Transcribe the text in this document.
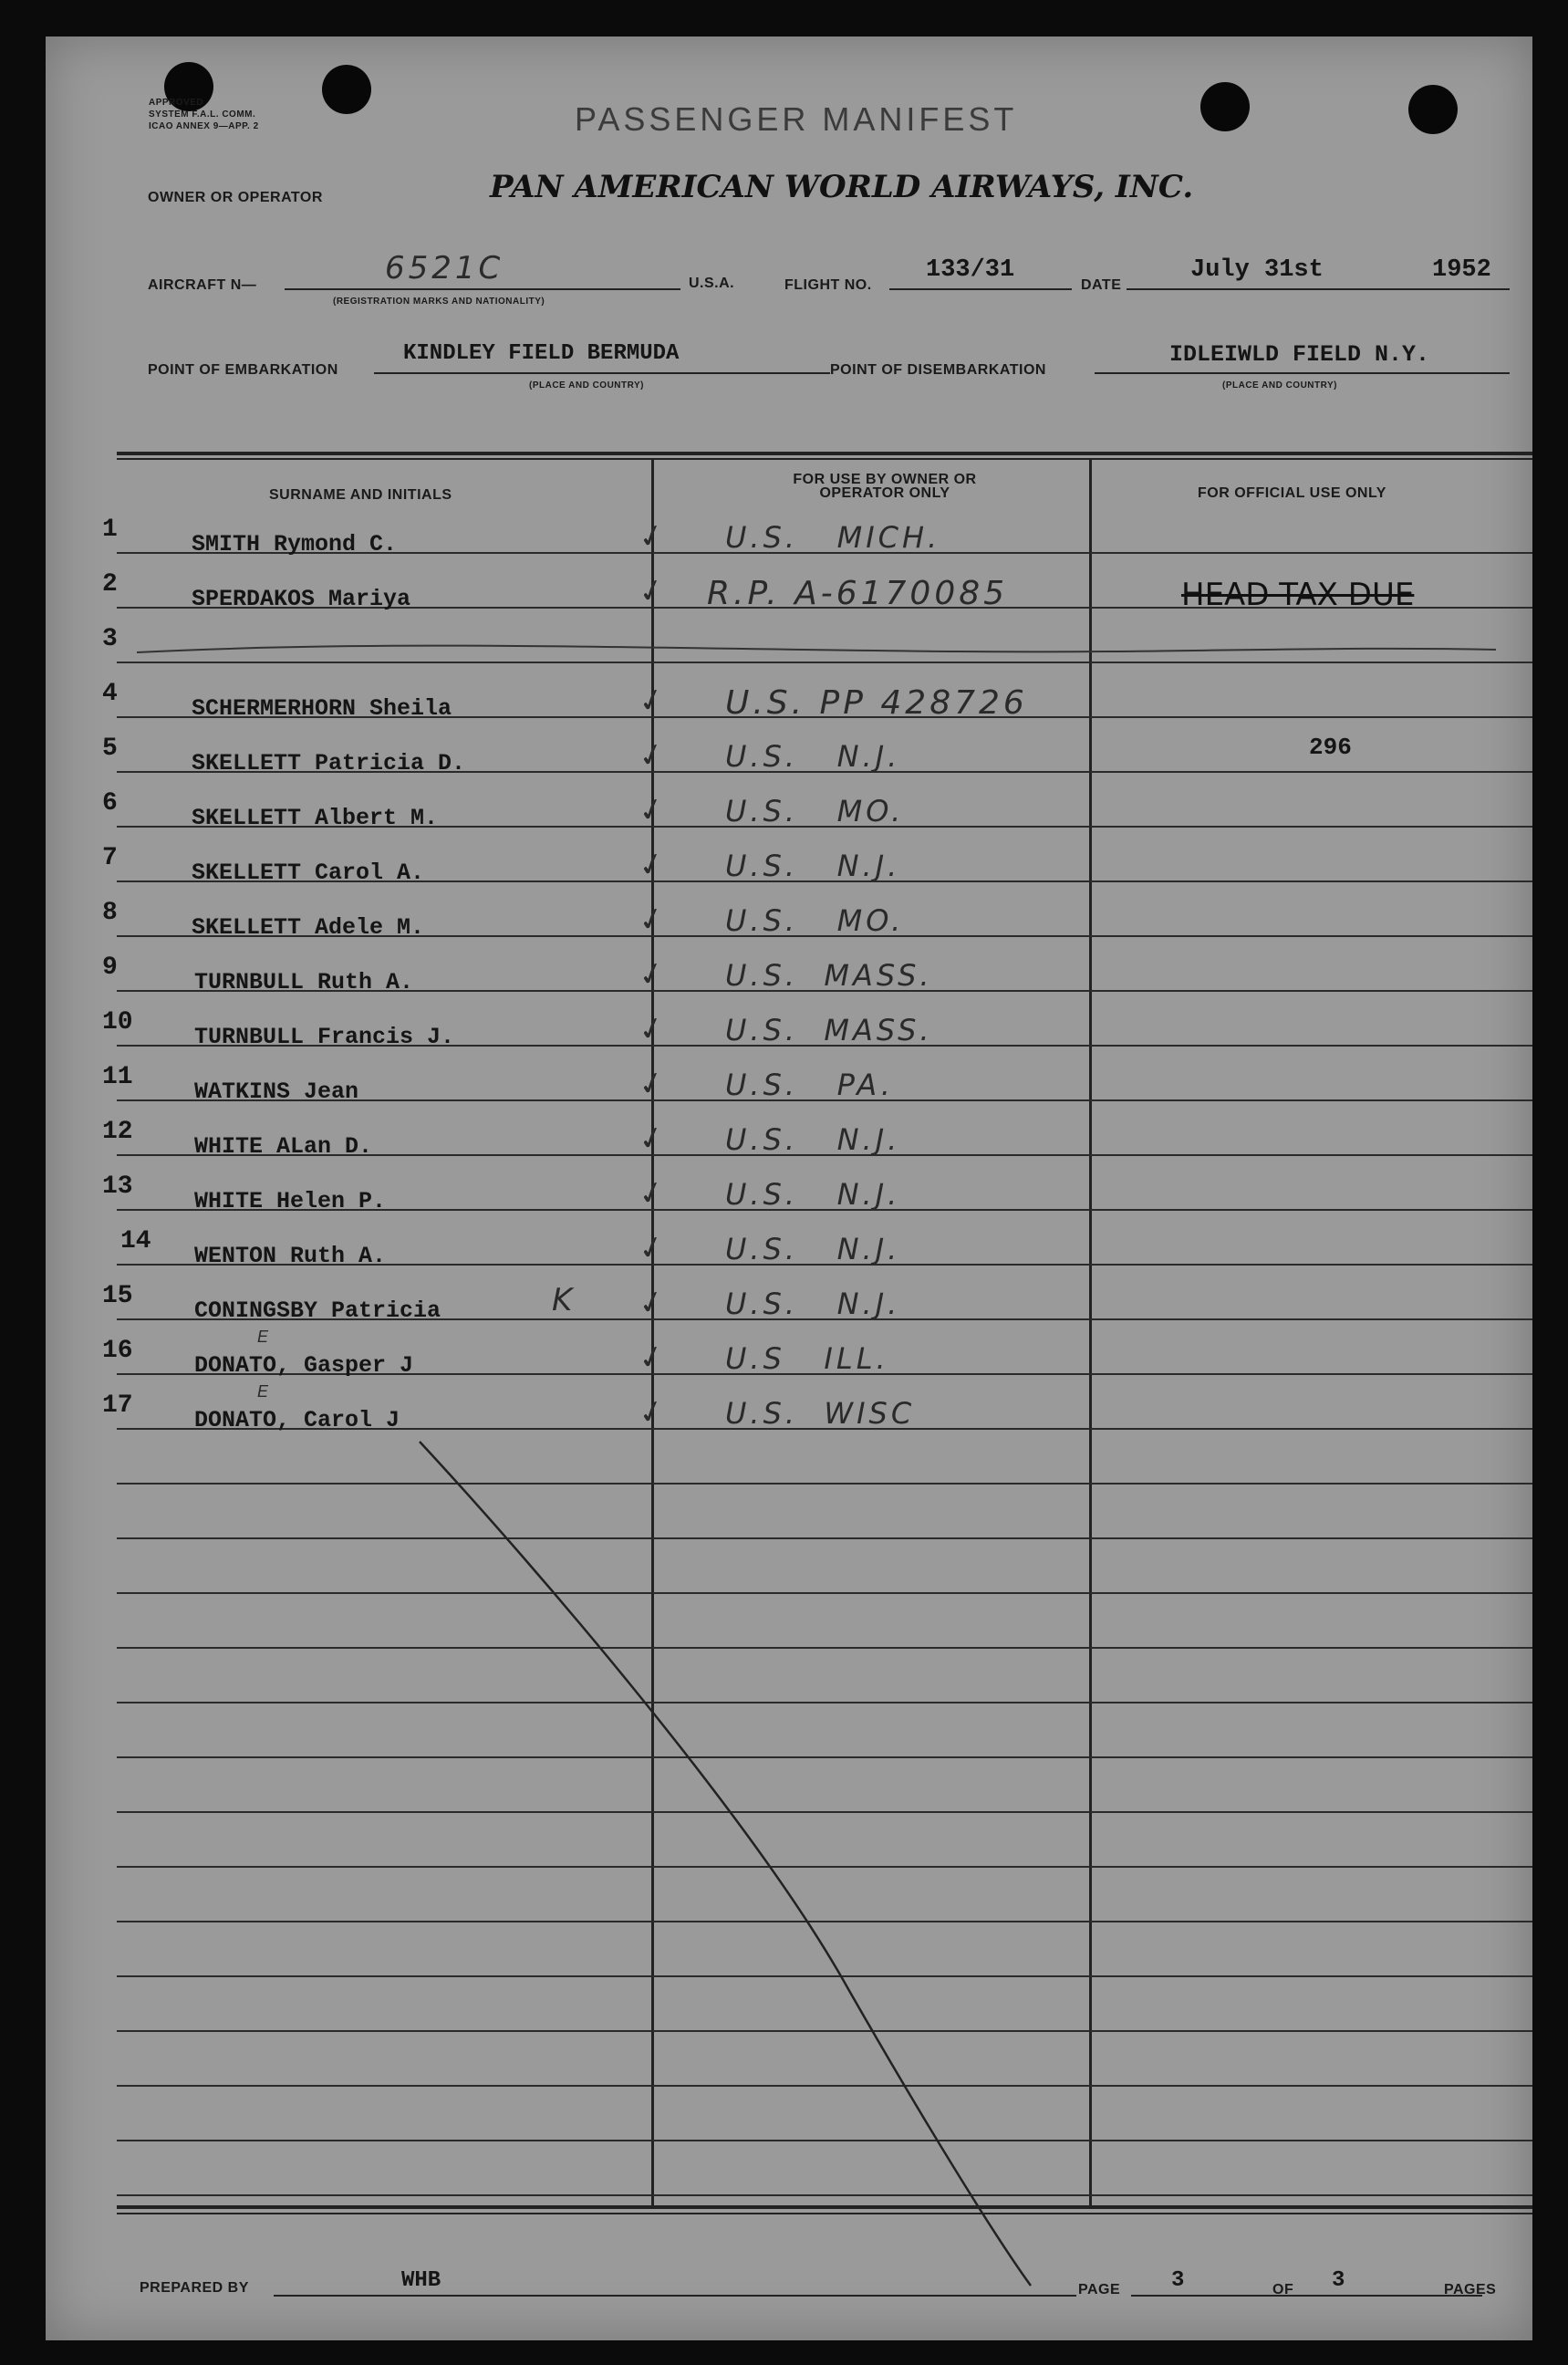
APPROVED
SYSTEM F.A.L. COMM.
ICAO ANNEX 9—APP. 2	PASSENGER MANIFEST
OWNER OR OPERATOR	PAN AMERICAN WORLD AIRWAYS, INC.
AIRCRAFT N—	6521C
(REGISTRATION MARKS AND NATIONALITY)
U.S.A.	FLIGHT NO.
133/31
DATE
July 31st	1952
POINT OF EMBARKATION
KINDLEY FIELD BERMUDA
(PLACE AND COUNTRY)
POINT OF DISEMBARKATION
IDLEIWLD FIELD N.Y.
(PLACE AND COUNTRY)
SURNAME AND INITIALS
FOR USE BY OWNER OR OPERATOR ONLY	FOR OFFICIAL USE ONLY
1
SMITH Rymond C.	✓ U.S.   MICH.
2
SPERDAKOS Mariya	✓ R.P. A-6170085	HEAD TAX DUE
3
4
SCHERMERHORN Sheila	✓ U.S. PP 428726
5
SKELLETT Patricia D.	✓ U.S.   N.J.	296
6
SKELLETT Albert M.	✓ U.S.   MO.
7
SKELLETT Carol A.	✓ U.S.   N.J.
8
SKELLETT Adele M.	✓ U.S.   MO.
9
TURNBULL Ruth A.	✓ U.S.  MASS.
10
TURNBULL Francis J.	✓ U.S.  MASS.
11
WATKINS Jean	✓ U.S.   PA.
12
WHITE ALan D.	✓ U.S.   N.J.
13
WHITE Helen P.	✓ U.S.   N.J.
14
WENTON Ruth A.	✓ U.S.   N.J.
15
CONINGSBY Patricia	✓ U.S.   N.J.
16
DONATO, Gasper J	✓ U.S   ILL.
17
DONATO, Carol J	✓ U.S.  WISC
K
E
E
PREPARED BY	WHB	PAGE 3	OF 3	PAGES
